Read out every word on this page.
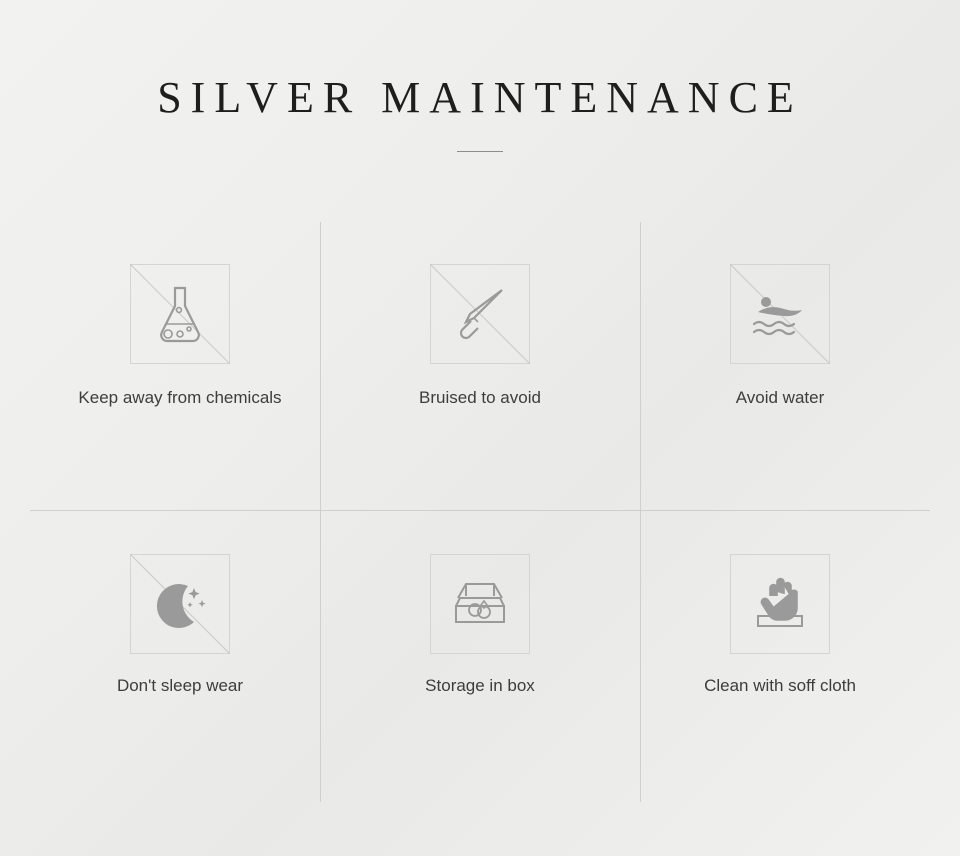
SILVER MAINTENANCE
Keep away from chemicals	Bruised to avoid	Avoid water
Don't sleep wear	Storage in box	Clean with soff cloth
